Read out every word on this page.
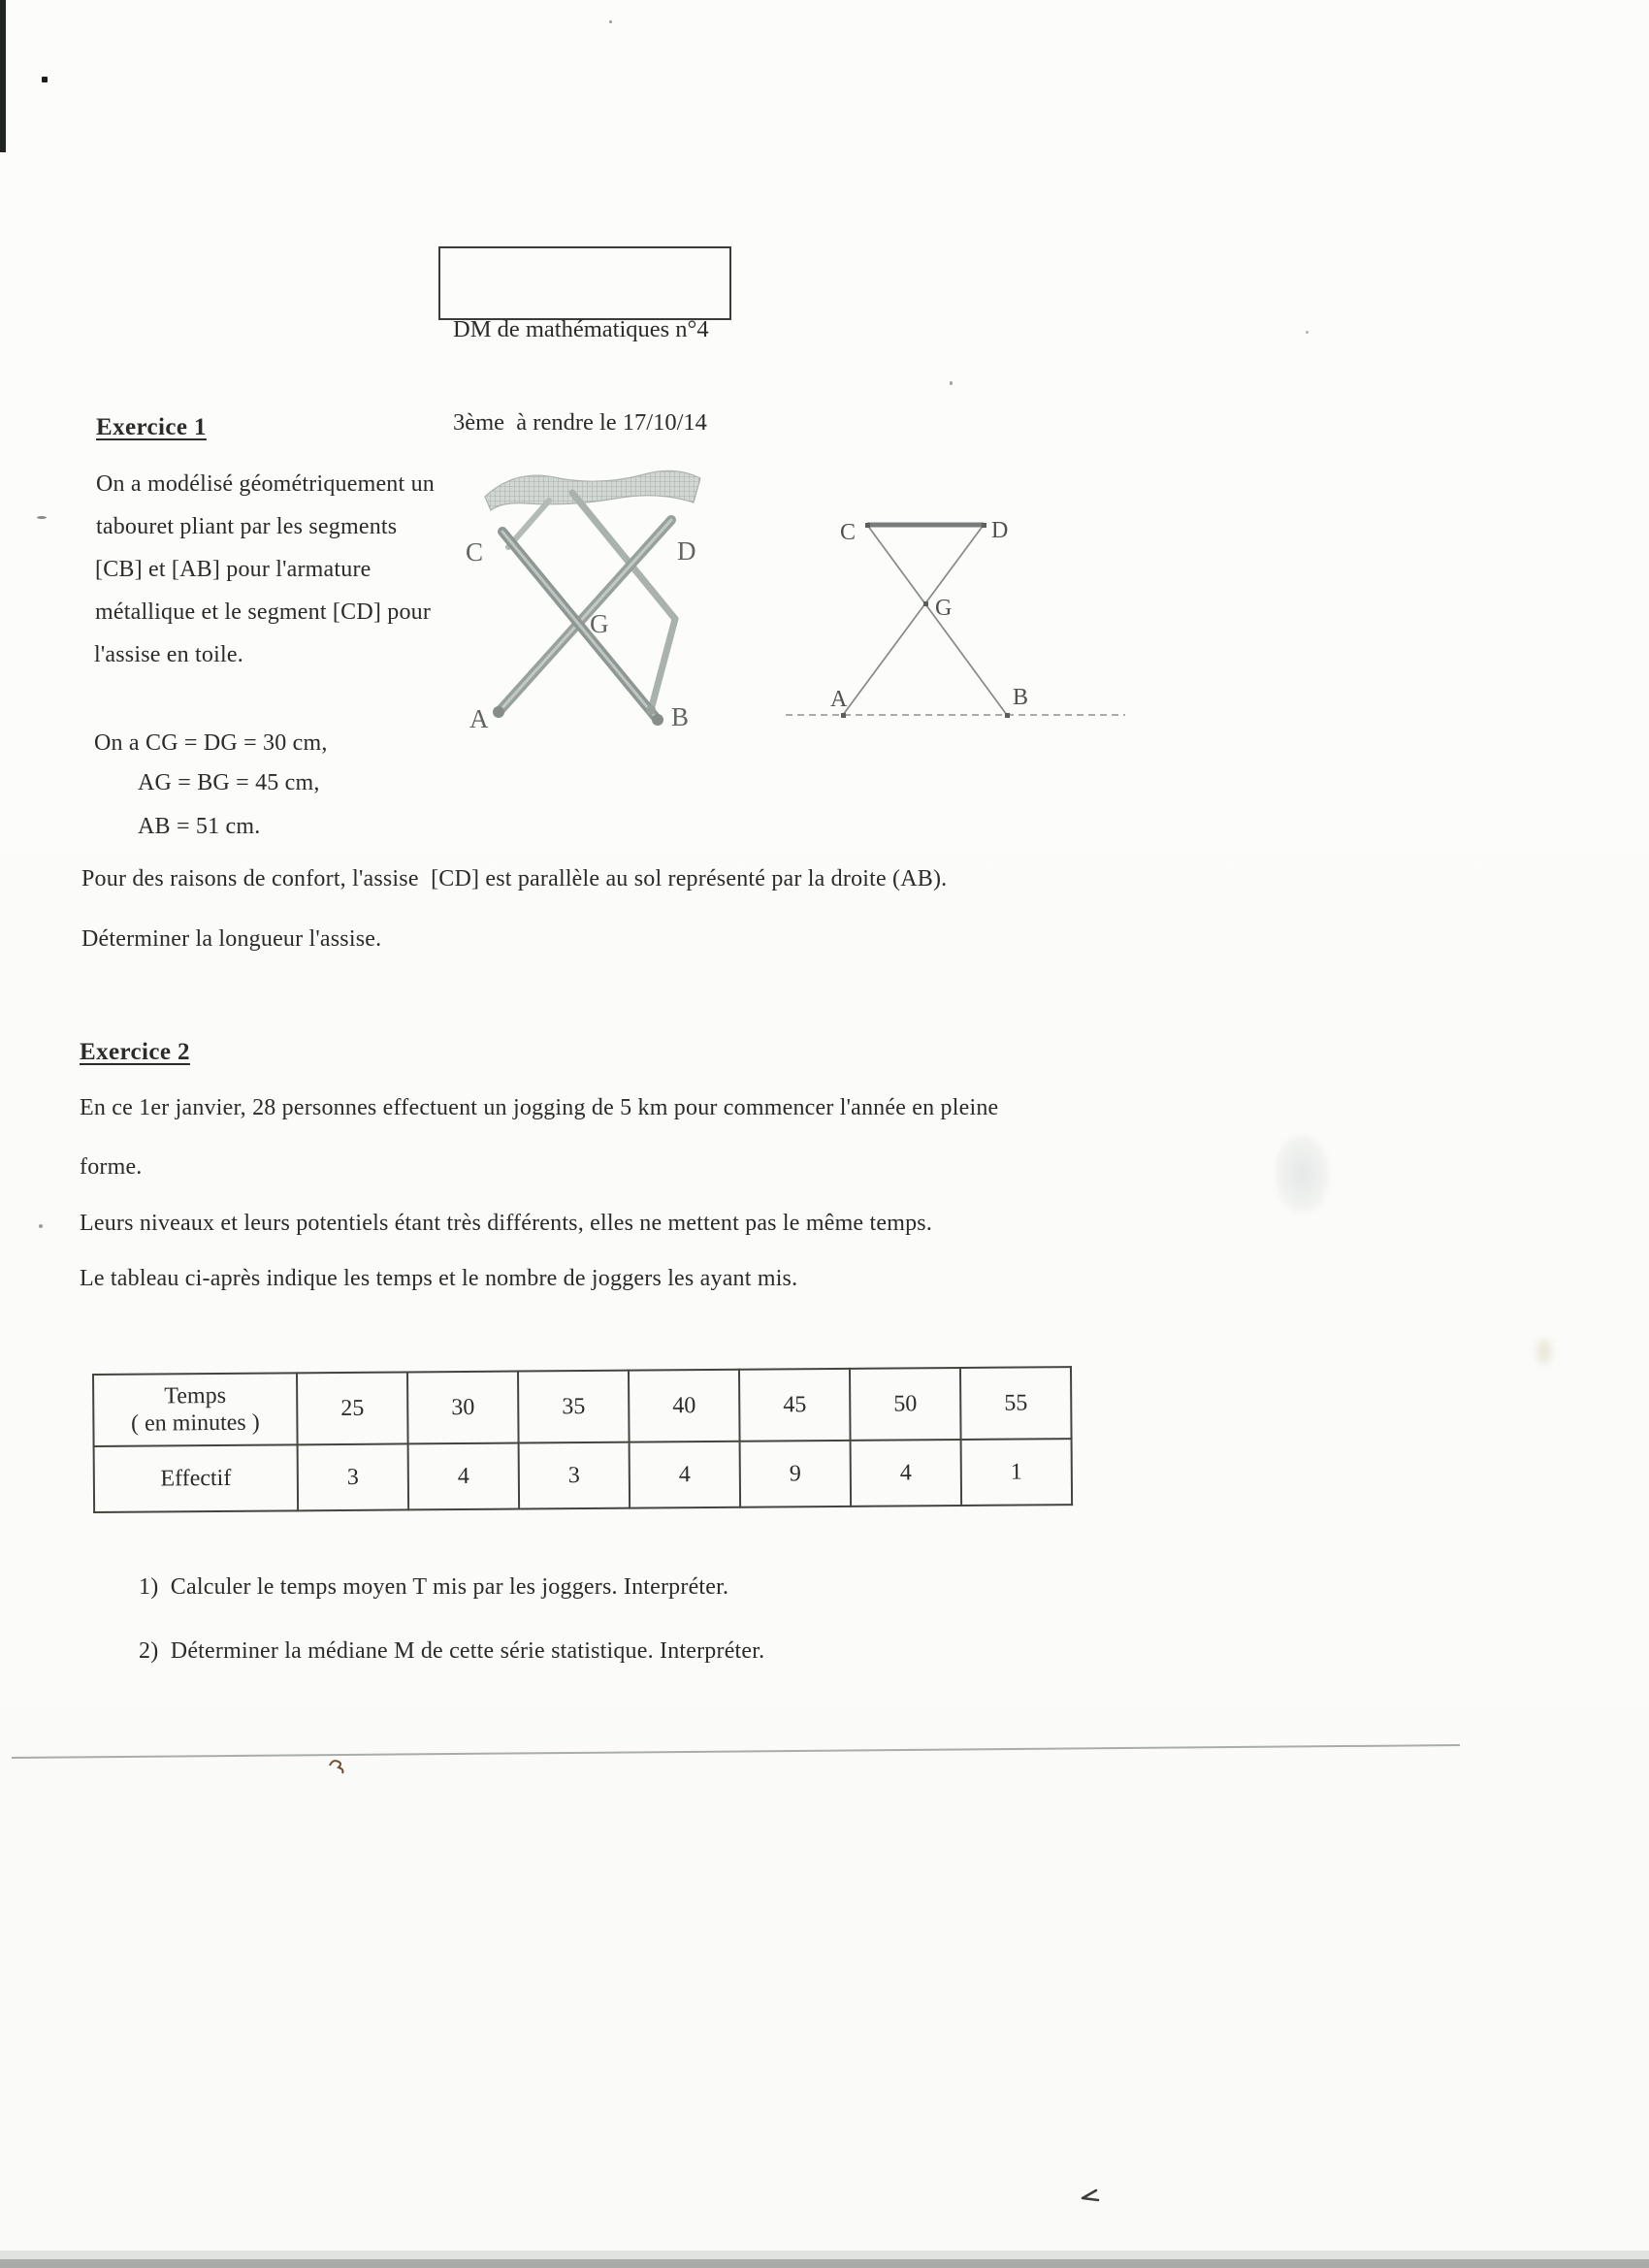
DM de mathématiques n°4

3ème  à rendre le 17/10/14

Exercice 1
On a modélisé géométriquement un
tabouret pliant par les segments
[CB] et [AB] pour l'armature
métallique et le segment [CD] pour
l'assise en toile.
C	D
G
A	B
C	D
G
A	B
On a CG = DG = 30 cm,
AG = BG = 45 cm,
AB = 51 cm.
Pour des raisons de confort, l'assise  [CD] est parallèle au sol représenté par la droite (AB).
Déterminer la longueur l'assise.
Exercice 2
En ce 1er janvier, 28 personnes effectuent un jogging de 5 km pour commencer l'année en pleine
forme.
Leurs niveaux et leurs potentiels étant très différents, elles ne mettent pas le même temps.
Le tableau ci-après indique les temps et le nombre de joggers les ayant mis.
Temps
( en minutes )	25	30	35	40	45	50	55
Effectif	3	4	3	4	9	4	1
1)  Calculer le temps moyen T mis par les joggers. Interpréter.
2)  Déterminer la médiane M de cette série statistique. Interpréter.
